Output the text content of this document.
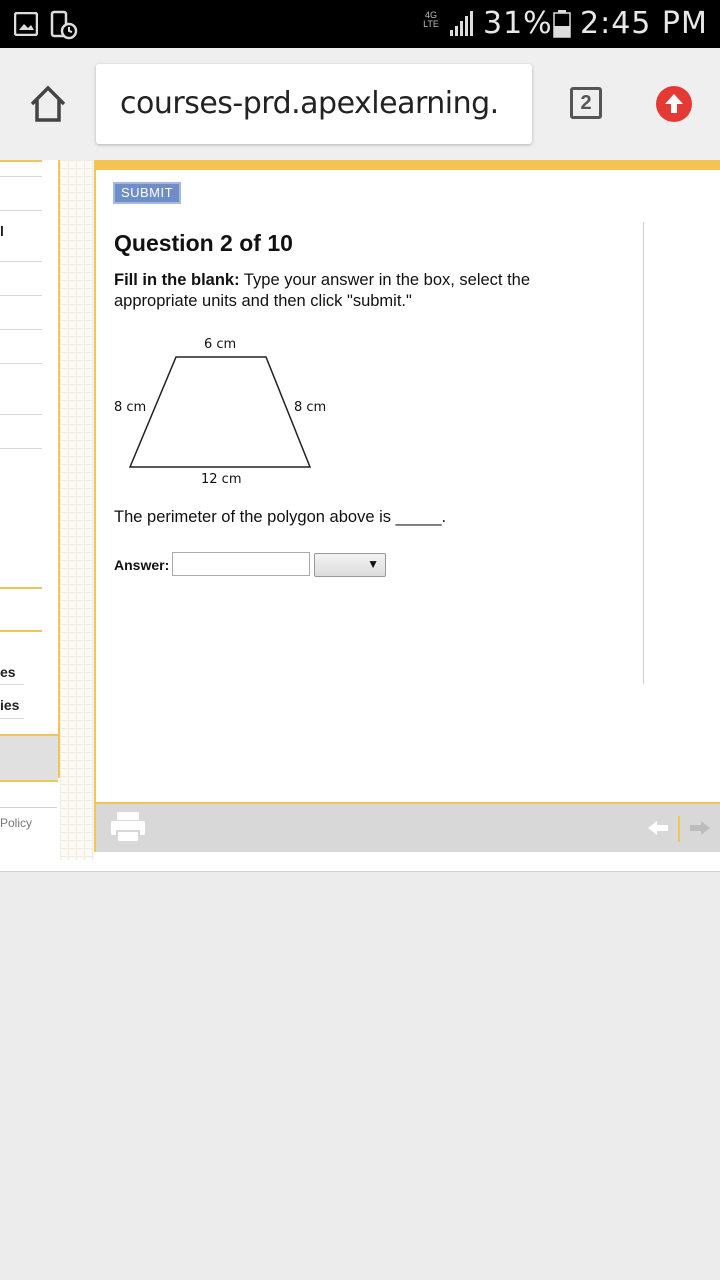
4G LTE 31% 2:45 PM
courses-prd.apexlearning.	2
l
es
ies
Policy
SUBMIT
Question 2 of 10
Fill in the blank: Type your answer in the box, select the appropriate units and then click "submit."
6 cm
8 cm	8 cm
12 cm
The perimeter of the polygon above is _____.
Answer:	▼
